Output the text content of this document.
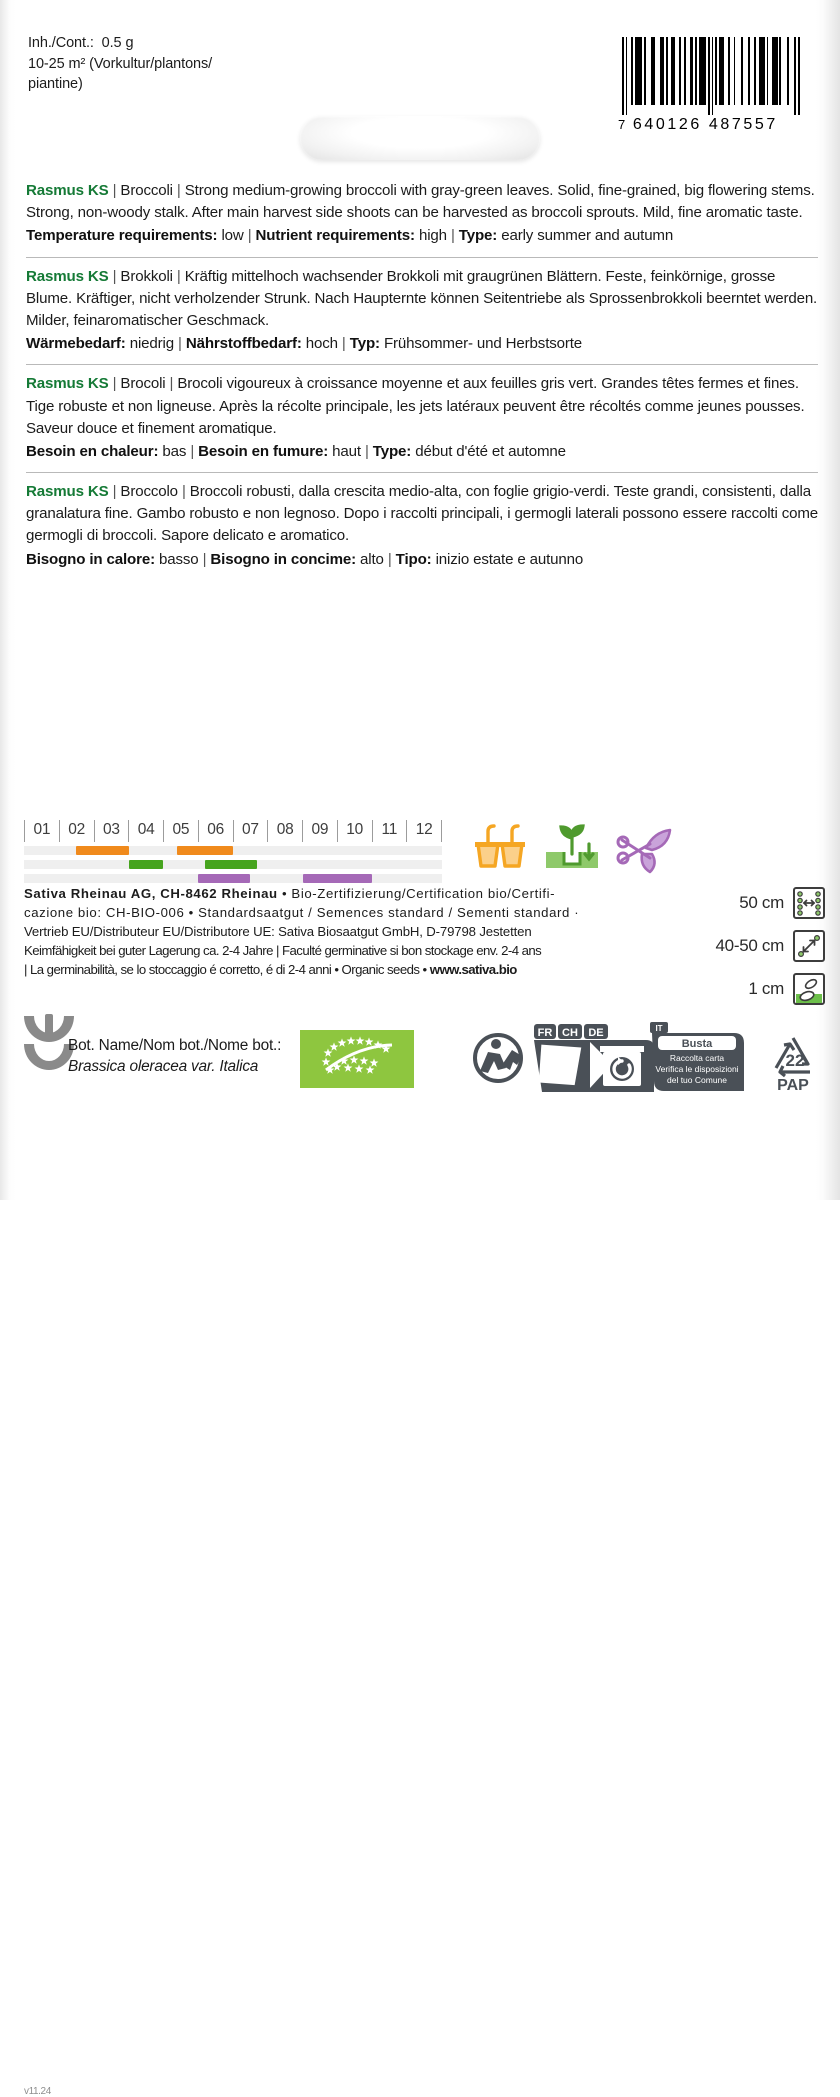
Inh./Cont.:  0.5 g
10-25 m² (Vorkultur/plantons/
piantine)
7 640126 487557

Rasmus KS | Broccoli | Strong medium-growing broccoli with gray-green leaves. Solid, fine-grained, big flowering stems. Strong, non-woody stalk. After main harvest side shoots can be harvested as broccoli sprouts. Mild, fine aromatic taste.

Temperature requirements: low | Nutrient requirements: high | Type: early summer and autumn

Rasmus KS | Brokkoli | Kräftig mittelhoch wachsender Brokkoli mit graugrünen Blättern. Feste, feinkörnige, grosse Blume. Kräftiger, nicht verholzender Strunk. Nach Haupternte können Seitentriebe als Sprossenbrokkoli beerntet werden. Milder, feinaromatischer Geschmack.

Wärmebedarf: niedrig | Nährstoffbedarf: hoch | Typ: Frühsommer- und Herbstsorte

Rasmus KS | Brocoli | Brocoli vigoureux à croissance moyenne et aux feuilles gris vert. Grandes têtes fermes et fines. Tige robuste et non ligneuse. Après la récolte principale, les jets latéraux peuvent être récoltés comme jeunes pousses. Saveur douce et finement aromatique.

Besoin en chaleur: bas | Besoin en fumure: haut | Type: début d'été et automne

Rasmus KS | Broccolo | Broccoli robusti, dalla crescita medio-alta, con foglie grigio-verdi. Teste grandi, consistenti, dalla granalatura fine. Gambo robusto e non legnoso. Dopo i raccolti principali, i germogli laterali possono essere raccolti come germogli di broccoli. Sapore delicato e aromatico.

Bisogno in calore: basso | Bisogno in concime: alto | Tipo: inizio estate e autunno

01	02	03	04	05	06	07	08	09	10	11	12
Sativa Rheinau AG, CH-8462 Rheinau • Bio-Zertifizierung/Certification bio/Certifi-
cazione bio: CH-BIO-006 • Standardsaatgut / Semences standard / Sementi standard ·
Vertrieb EU/Distributeur EU/Distributore UE: Sativa Biosaatgut GmbH, D-79798 Jestetten
Keimfähigkeit bei guter Lagerung ca. 2-4 Jahre | Faculté germinative si bon stockage env. 2-4 ans
| La germinabilità, se lo stoccaggio é corretto, é di 2-4 anni • Organic seeds • www.sativa.bio
50 cm
40-50 cm
1 cm
v11.24
Bot. Name/Nom bot./Nome bot.:
Brassica oleracea var. Italica
FR CH DE	IT
Busta
Raccolta carta
Verifica le disposizioni
del tuo Comune
22
PAP
